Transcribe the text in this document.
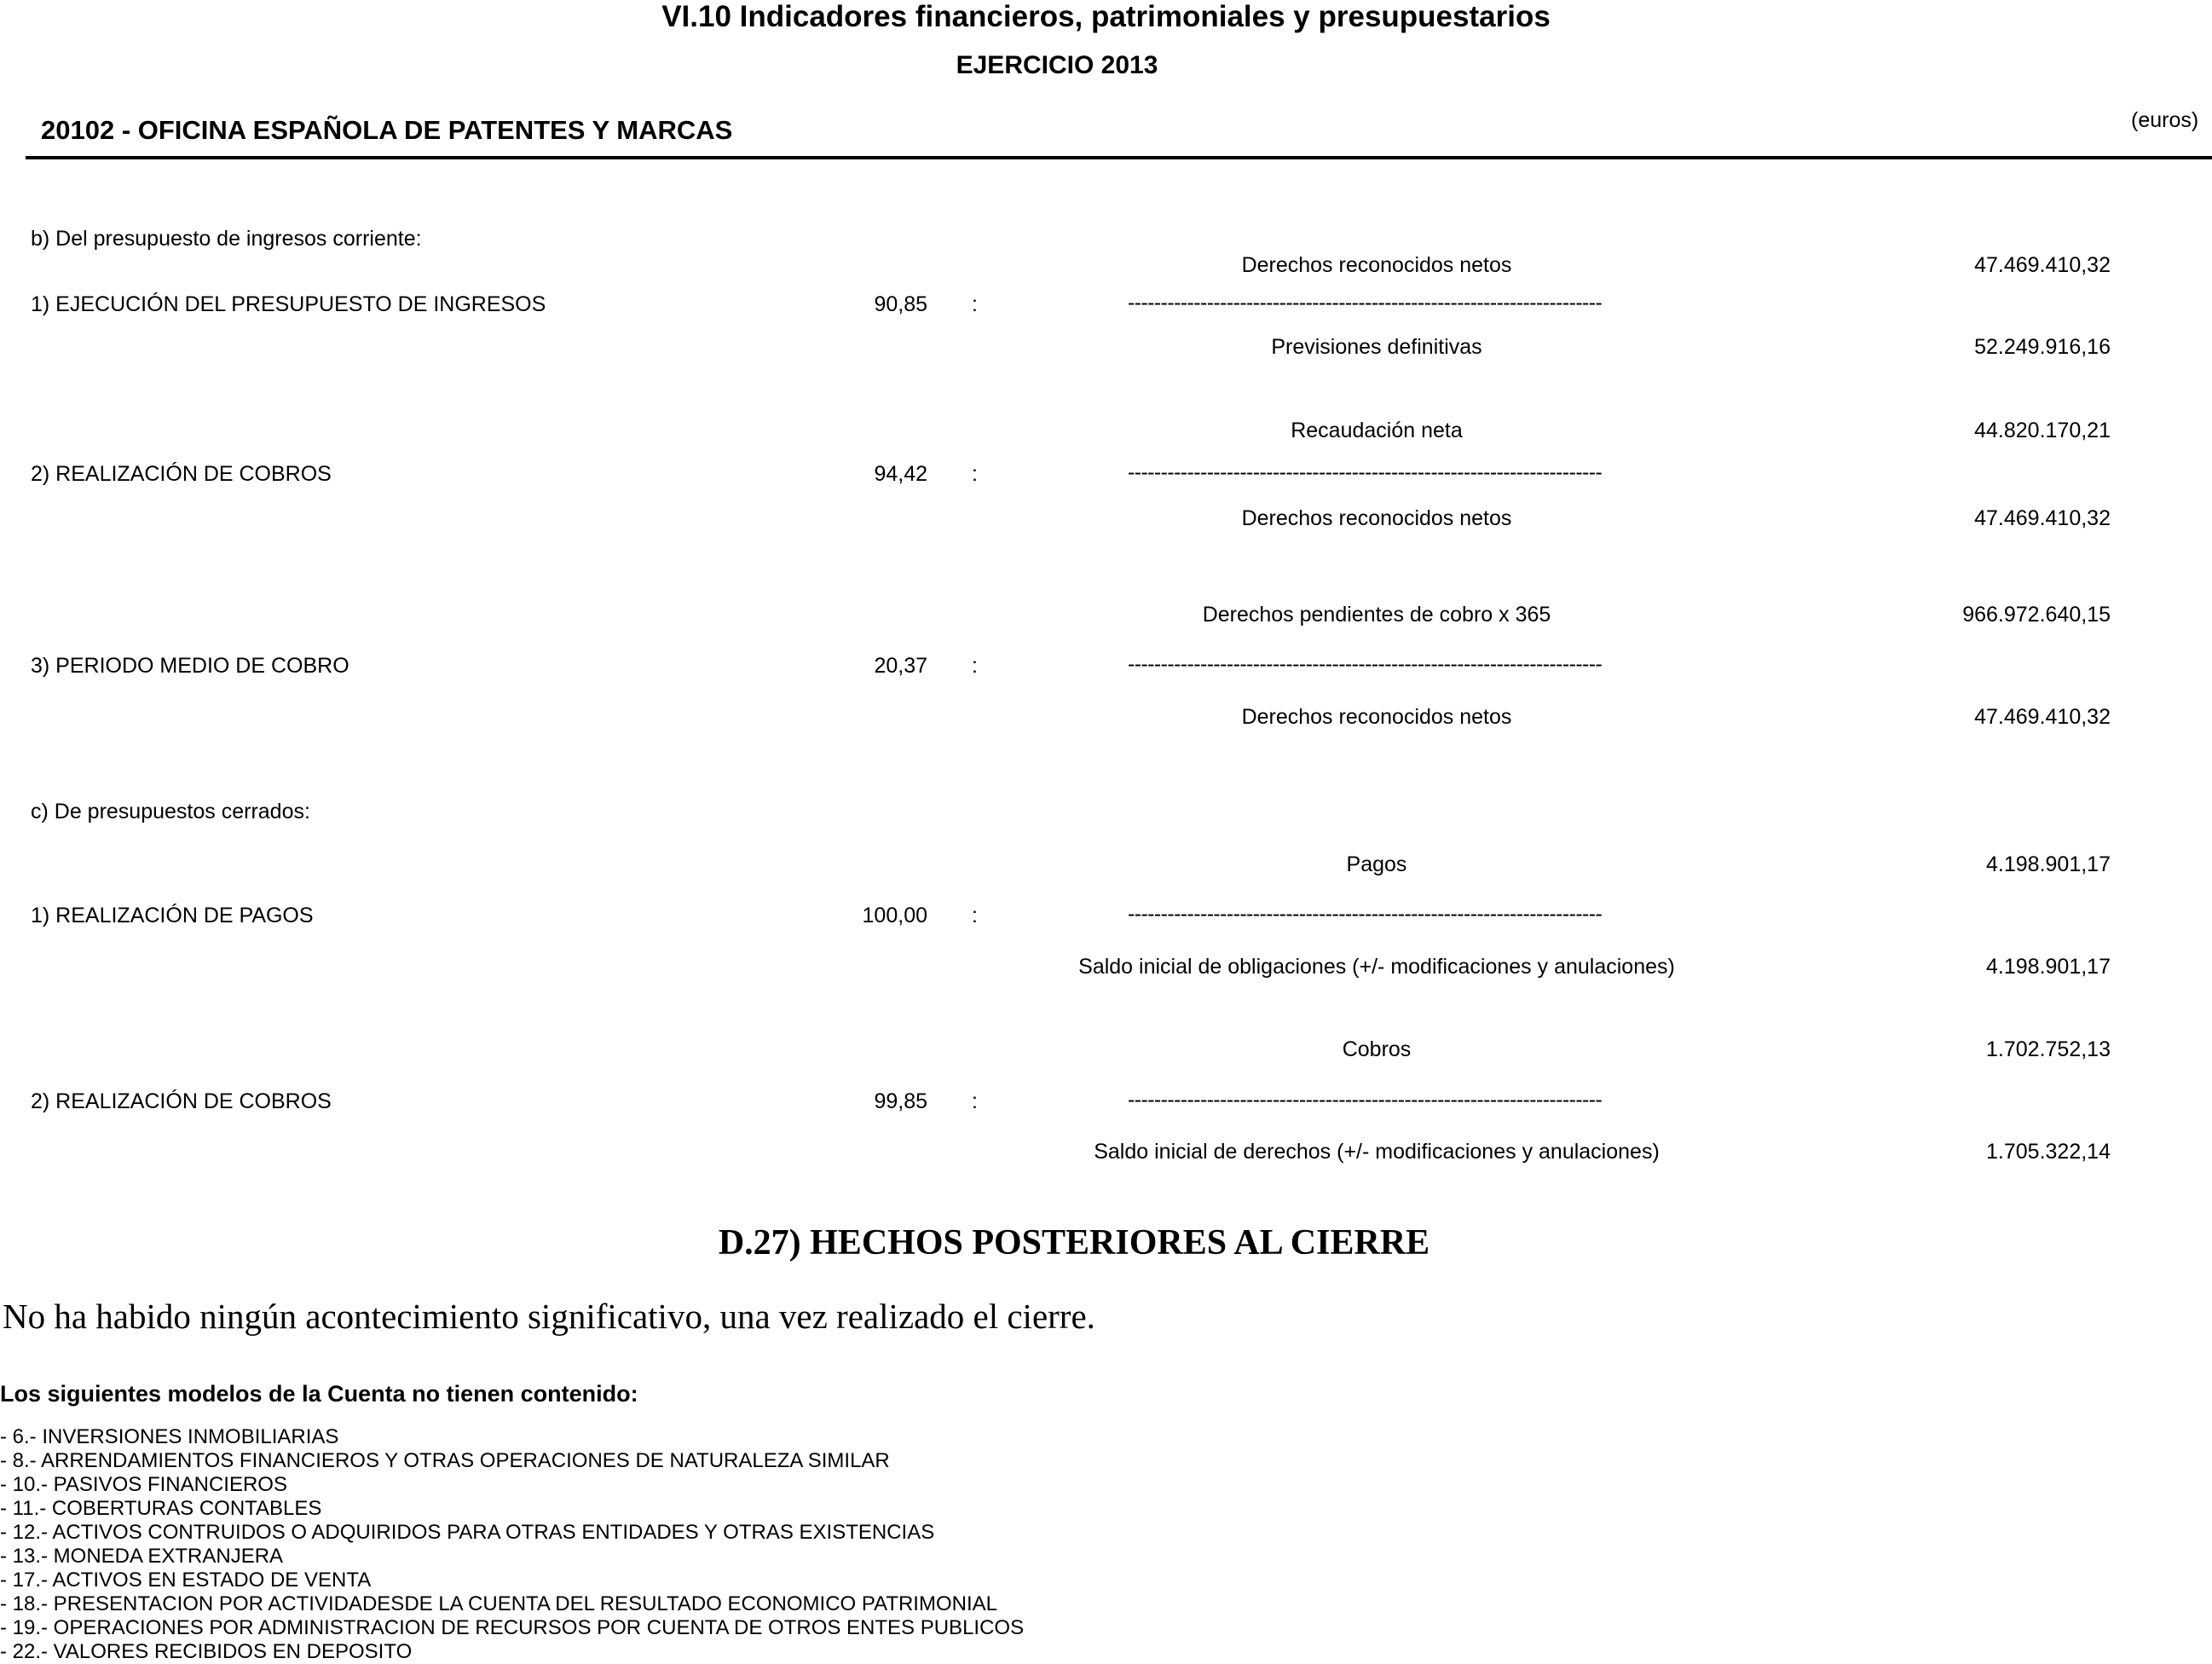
VI.10 Indicadores financieros, patrimoniales y presupuestarios
EJERCICIO 2013
20102 - OFICINA ESPAÑOLA DE PATENTES Y MARCAS	(euros)
b) Del presupuesto de ingresos corriente:
Derechos reconocidos netos	47.469.410,32
1) EJECUCIÓN DEL PRESUPUESTO DE INGRESOS	90,85 :	------------------------------------------------------------------------
Previsiones definitivas	52.249.916,16
Recaudación neta	44.820.170,21
2) REALIZACIÓN DE COBROS	94,42 :	------------------------------------------------------------------------
Derechos reconocidos netos	47.469.410,32
Derechos pendientes de cobro x 365	966.972.640,15
3) PERIODO MEDIO DE COBRO	20,37 :	------------------------------------------------------------------------
Derechos reconocidos netos	47.469.410,32
c) De presupuestos cerrados:
Pagos	4.198.901,17
1) REALIZACIÓN DE PAGOS	100,00 :	------------------------------------------------------------------------
Saldo inicial de obligaciones (+/- modificaciones y anulaciones)	4.198.901,17
Cobros	1.702.752,13
2) REALIZACIÓN DE COBROS	99,85 :	------------------------------------------------------------------------
Saldo inicial de derechos (+/- modificaciones y anulaciones)	1.705.322,14
D.27) HECHOS POSTERIORES AL CIERRE
No ha habido ningún acontecimiento significativo, una vez realizado el cierre.
Los siguientes modelos de la Cuenta no tienen contenido:
- 6.- INVERSIONES INMOBILIARIAS
- 8.- ARRENDAMIENTOS FINANCIEROS Y OTRAS OPERACIONES DE NATURALEZA SIMILAR
- 10.- PASIVOS FINANCIEROS
- 11.- COBERTURAS CONTABLES
- 12.- ACTIVOS CONTRUIDOS O ADQUIRIDOS PARA OTRAS ENTIDADES Y OTRAS EXISTENCIAS
- 13.- MONEDA EXTRANJERA
- 17.- ACTIVOS EN ESTADO DE VENTA
- 18.- PRESENTACION POR ACTIVIDADESDE LA CUENTA DEL RESULTADO ECONOMICO PATRIMONIAL
- 19.- OPERACIONES POR ADMINISTRACION DE RECURSOS POR CUENTA DE OTROS ENTES PUBLICOS
- 22.- VALORES RECIBIDOS EN DEPOSITO
